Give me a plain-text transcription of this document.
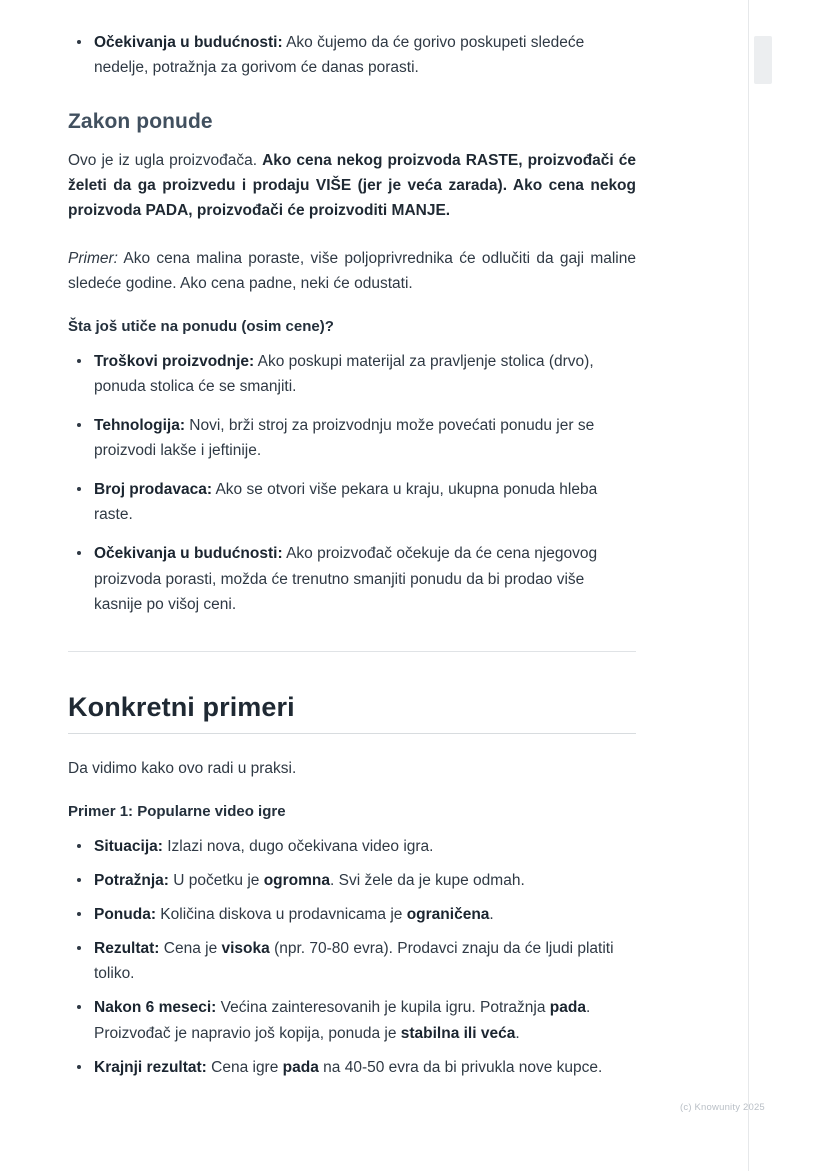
Očekivanja u budućnosti: Ako čujemo da će gorivo poskupeti sledeće nedelje, potražnja za gorivom će danas porasti.
Zakon ponude

Ovo je iz ugla proizvođača. Ako cena nekog proizvoda RASTE, proizvođači će želeti da ga proizvedu i prodaju VIŠE (jer je veća zarada). Ako cena nekog proizvoda PADA, proizvođači će proizvoditi MANJE.

Primer: Ako cena malina poraste, više poljoprivrednika će odlučiti da gaji maline sledeće godine. Ako cena padne, neki će odustati.

Šta još utiče na ponudu (osim cene)?
Troškovi proizvodnje: Ako poskupi materijal za pravljenje stolica (drvo), ponuda stolica će se smanjiti.
Tehnologija: Novi, brži stroj za proizvodnju može povećati ponudu jer se proizvodi lakše i jeftinije.
Broj prodavaca: Ako se otvori više pekara u kraju, ukupna ponuda hleba raste.
Očekivanja u budućnosti: Ako proizvođač očekuje da će cena njegovog proizvoda porasti, možda će trenutno smanjiti ponudu da bi prodao više kasnije po višoj ceni.
Konkretni primeri

Da vidimo kako ovo radi u praksi.

Primer 1: Popularne video igre
Situacija: Izlazi nova, dugo očekivana video igra.
Potražnja: U početku je ogromna. Svi žele da je kupe odmah.
Ponuda: Količina diskova u prodavnicama je ograničena.
Rezultat: Cena je visoka (npr. 70-80 evra). Prodavci znaju da će ljudi platiti toliko.
Nakon 6 meseci: Većina zainteresovanih je kupila igru. Potražnja pada. Proizvođač je napravio još kopija, ponuda je stabilna ili veća.
Krajnji rezultat: Cena igre pada na 40-50 evra da bi privukla nove kupce.
(c) Knowunity 2025
